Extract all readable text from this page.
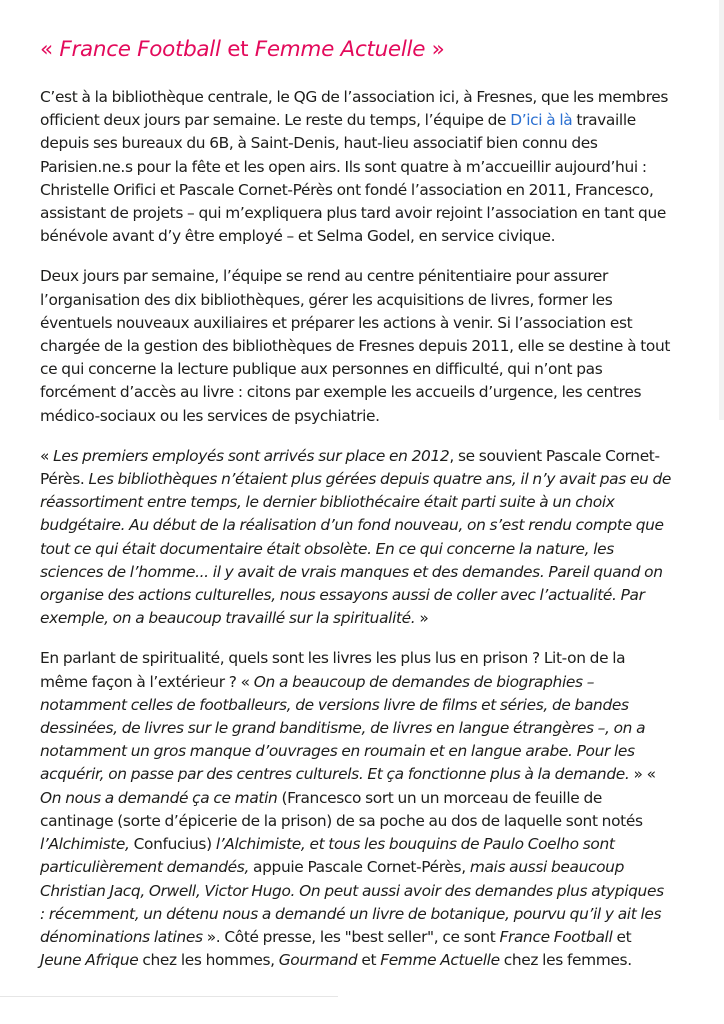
« France Football et Femme Actuelle »

C’est à la bibliothèque centrale, le QG de l’association ici, à Fresnes, que les membres officient deux jours par semaine. Le reste du temps, l’équipe de D’ici à là travaille depuis ses bureaux du 6B, à Saint-Denis, haut-lieu associatif bien connu des Parisien.ne.s pour la fête et les open airs. Ils sont quatre à m’accueillir aujourd’hui : Christelle Orifici et Pascale Cornet-Pérès ont fondé l’association en 2011, Francesco, assistant de projets – qui m’expliquera plus tard avoir rejoint l’association en tant que bénévole avant d’y être employé – et Selma Godel, en service civique.

Deux jours par semaine, l’équipe se rend au centre pénitentiaire pour assurer l’organisation des dix bibliothèques, gérer les acquisitions de livres, former les éventuels nouveaux auxiliaires et préparer les actions à venir. Si l’association est chargée de la gestion des bibliothèques de Fresnes depuis 2011, elle se destine à tout ce qui concerne la lecture publique aux personnes en difficulté, qui n’ont pas forcément d’accès au livre : citons par exemple les accueils d’urgence, les centres médico-sociaux ou les services de psychiatrie.

« Les premiers employés sont arrivés sur place en 2012, se souvient Pascale Cornet-Pérès. Les bibliothèques n’étaient plus gérées depuis quatre ans, il n’y avait pas eu de réassortiment entre temps, le dernier bibliothécaire était parti suite à un choix budgétaire. Au début de la réalisation d’un fond nouveau, on s’est rendu compte que tout ce qui était documentaire était obsolète. En ce qui concerne la nature, les sciences de l’homme... il y avait de vrais manques et des demandes. Pareil quand on organise des actions culturelles, nous essayons aussi de coller avec l’actualité. Par exemple, on a beaucoup travaillé sur la spiritualité. »

En parlant de spiritualité, quels sont les livres les plus lus en prison ? Lit-on de la même façon à l’extérieur ? « On a beaucoup de demandes de biographies – notamment celles de footballeurs, de versions livre de films et séries, de bandes dessinées, de livres sur le grand banditisme, de livres en langue étrangères –, on a notamment un gros manque d’ouvrages en roumain et en langue arabe. Pour les acquérir, on passe par des centres culturels. Et ça fonctionne plus à la demande. » « On nous a demandé ça ce matin (Francesco sort un un morceau de feuille de cantinage (sorte d’épicerie de la prison) de sa poche au dos de laquelle sont notés l’Alchimiste, Confucius) l’Alchimiste, et tous les bouquins de Paulo Coelho sont particulièrement demandés, appuie Pascale Cornet-Pérès, mais aussi beaucoup Christian Jacq, Orwell, Victor Hugo. On peut aussi avoir des demandes plus atypiques : récemment, un détenu nous a demandé un livre de botanique, pourvu qu’il y ait les dénominations latines ». Côté presse, les "best seller", ce sont France Football et Jeune Afrique chez les hommes, Gourmand et Femme Actuelle chez les femmes.
